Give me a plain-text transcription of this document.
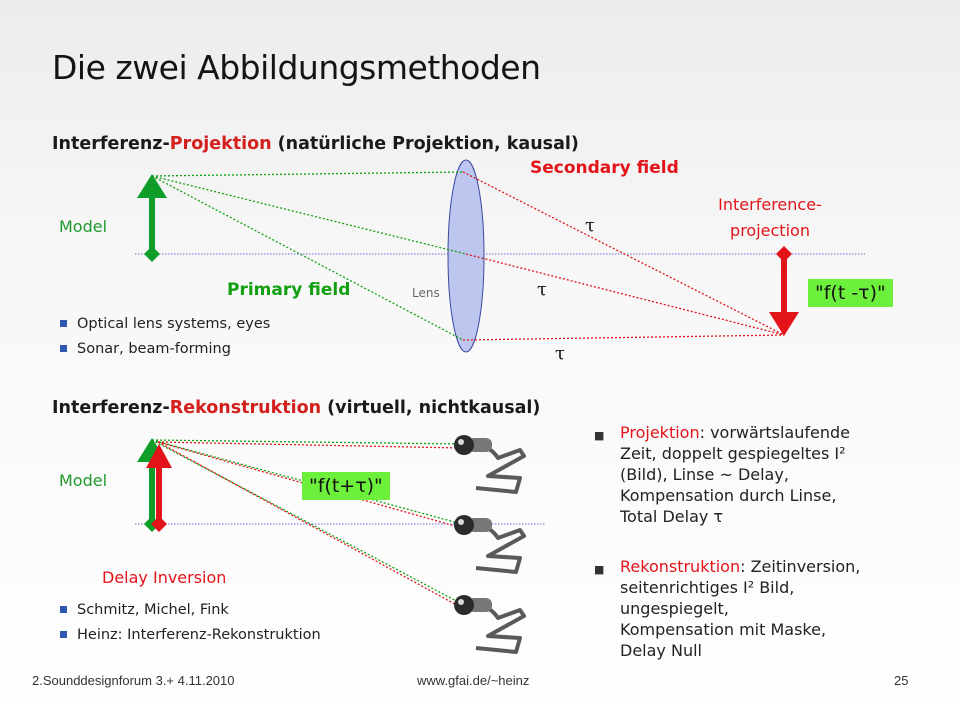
Die zwei Abbildungsmethoden
Interferenz-Projektion (natürliche Projektion, kausal)
Secondary field
Model
Interference-
projection
τ
τ
τ
Primary field	Lens	"f(t -τ)"
Optical lens systems, eyes
Sonar, beam-forming
Interferenz-Rekonstruktion (virtuell, nichtkausal)
Model	"f(t+τ)"
Delay Inversion
Schmitz, Michel, Fink
Heinz: Interferenz-Rekonstruktion
■ Projektion: vorwärtslaufende
Zeit, doppelt gespiegeltes I²
(Bild), Linse ~ Delay,
Kompensation durch Linse,
Total Delay τ
■ Rekonstruktion: Zeitinversion,
seitenrichtiges I² Bild,
ungespiegelt,
Kompensation mit Maske,
Delay Null
2.Sounddesignforum 3.+ 4.11.2010	www.gfai.de/~heinz	25
